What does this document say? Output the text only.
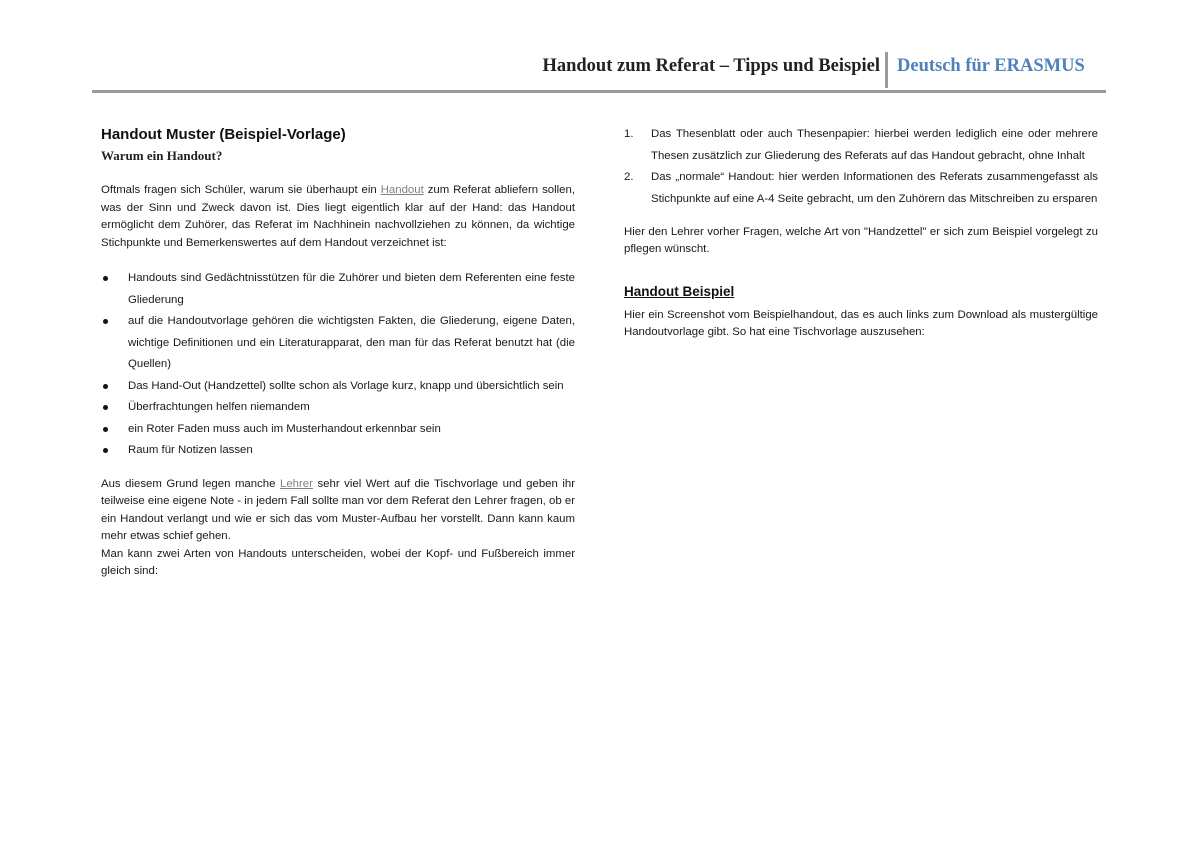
Handout zum Referat – Tipps und Beispiel Deutsch für ERASMUS
Handout Muster (Beispiel-Vorlage)
Warum ein Handout?

Oftmals fragen sich Schüler, warum sie überhaupt ein Handout zum Referat abliefern sollen, was der Sinn und Zweck davon ist. Dies liegt eigentlich klar auf der Hand: das Handout ermöglicht dem Zuhörer, das Referat im Nachhinein nachvollziehen zu können, da wichtige Stichpunkte und Bemerkenswertes auf dem Handout verzeichnet ist:

Handouts sind Gedächtnisstützen für die Zuhörer und bieten dem Referenten eine feste Gliederung
auf die Handoutvorlage gehören die wichtigsten Fakten, die Gliederung, eigene Daten, wichtige Definitionen und ein Literaturapparat, den man für das Referat benutzt hat (die Quellen)
Das Hand-Out (Handzettel) sollte schon als Vorlage kurz, knapp und übersichtlich sein
Überfrachtungen helfen niemandem
ein Roter Faden muss auch im Musterhandout erkennbar sein
Raum für Notizen lassen

Aus diesem Grund legen manche Lehrer sehr viel Wert auf die Tischvorlage und geben ihr teilweise eine eigene Note - in jedem Fall sollte man vor dem Referat den Lehrer fragen, ob er ein Handout verlangt und wie er sich das vom Muster-Aufbau her vorstellt. Dann kann kaum mehr etwas schief gehen.

Man kann zwei Arten von Handouts unterscheiden, wobei der Kopf- und Fußbereich immer gleich sind:

1. Das Thesenblatt oder auch Thesenpapier: hierbei werden lediglich eine oder mehrere Thesen zusätzlich zur Gliederung des Referats auf das Handout gebracht, ohne Inhalt
2. Das „normale“ Handout: hier werden Informationen des Referats zusammengefasst als Stichpunkte auf eine A-4 Seite gebracht, um den Zuhörern das Mitschreiben zu ersparen

Hier den Lehrer vorher Fragen, welche Art von "Handzettel" er sich zum Beispiel vorgelegt zu pflegen wünscht.

Handout Beispiel

Hier ein Screenshot vom Beispielhandout, das es auch links zum Download als mustergültige Handoutvorlage gibt. So hat eine Tischvorlage auszusehen:
